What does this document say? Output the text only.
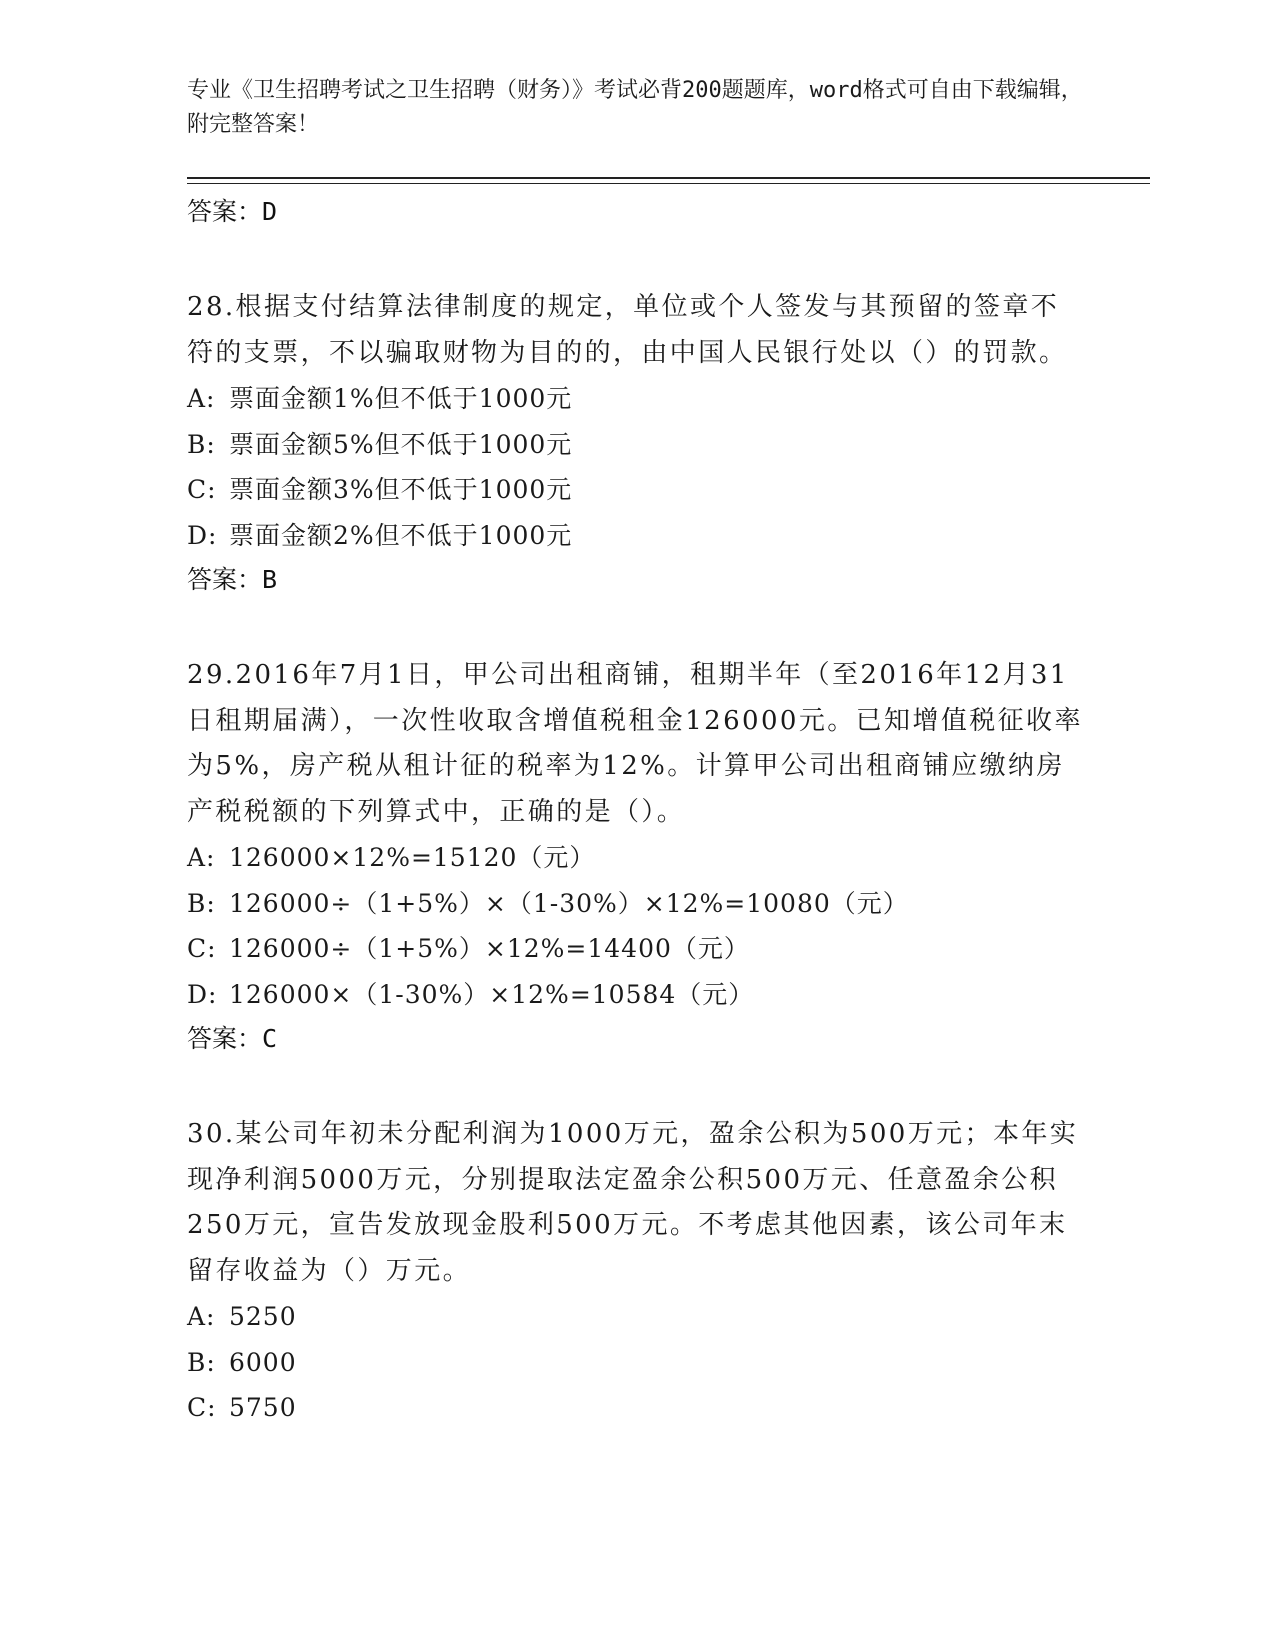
专业《卫生招聘考试之卫生招聘（财务）》考试必背200题题库，word格式可自由下载编辑，附完整答案！
答案：D
28.根据支付结算法律制度的规定，单位或个人签发与其预留的签章不符的支票，不以骗取财物为目的的，由中国人民银行处以（）的罚款。
A: 票面金额1%但不低于1000元
B: 票面金额5%但不低于1000元
C: 票面金额3%但不低于1000元
D: 票面金额2%但不低于1000元
答案：B
29.2016年7月1日，甲公司出租商铺，租期半年（至2016年12月31日租期届满），一次性收取含增值税租金126000元。已知增值税征收率为5%，房产税从租计征的税率为12%。计算甲公司出租商铺应缴纳房产税税额的下列算式中，正确的是（）。
A: 126000×12%=15120（元）
B: 126000÷（1+5%）×（1-30%）×12%=10080（元）
C: 126000÷（1+5%）×12%=14400（元）
D: 126000×（1-30%）×12%=10584（元）
答案：C
30.某公司年初未分配利润为1000万元，盈余公积为500万元；本年实现净利润5000万元，分别提取法定盈余公积500万元、任意盈余公积250万元，宣告发放现金股利500万元。不考虑其他因素，该公司年末留存收益为（）万元。
A: 5250
B: 6000
C: 5750
